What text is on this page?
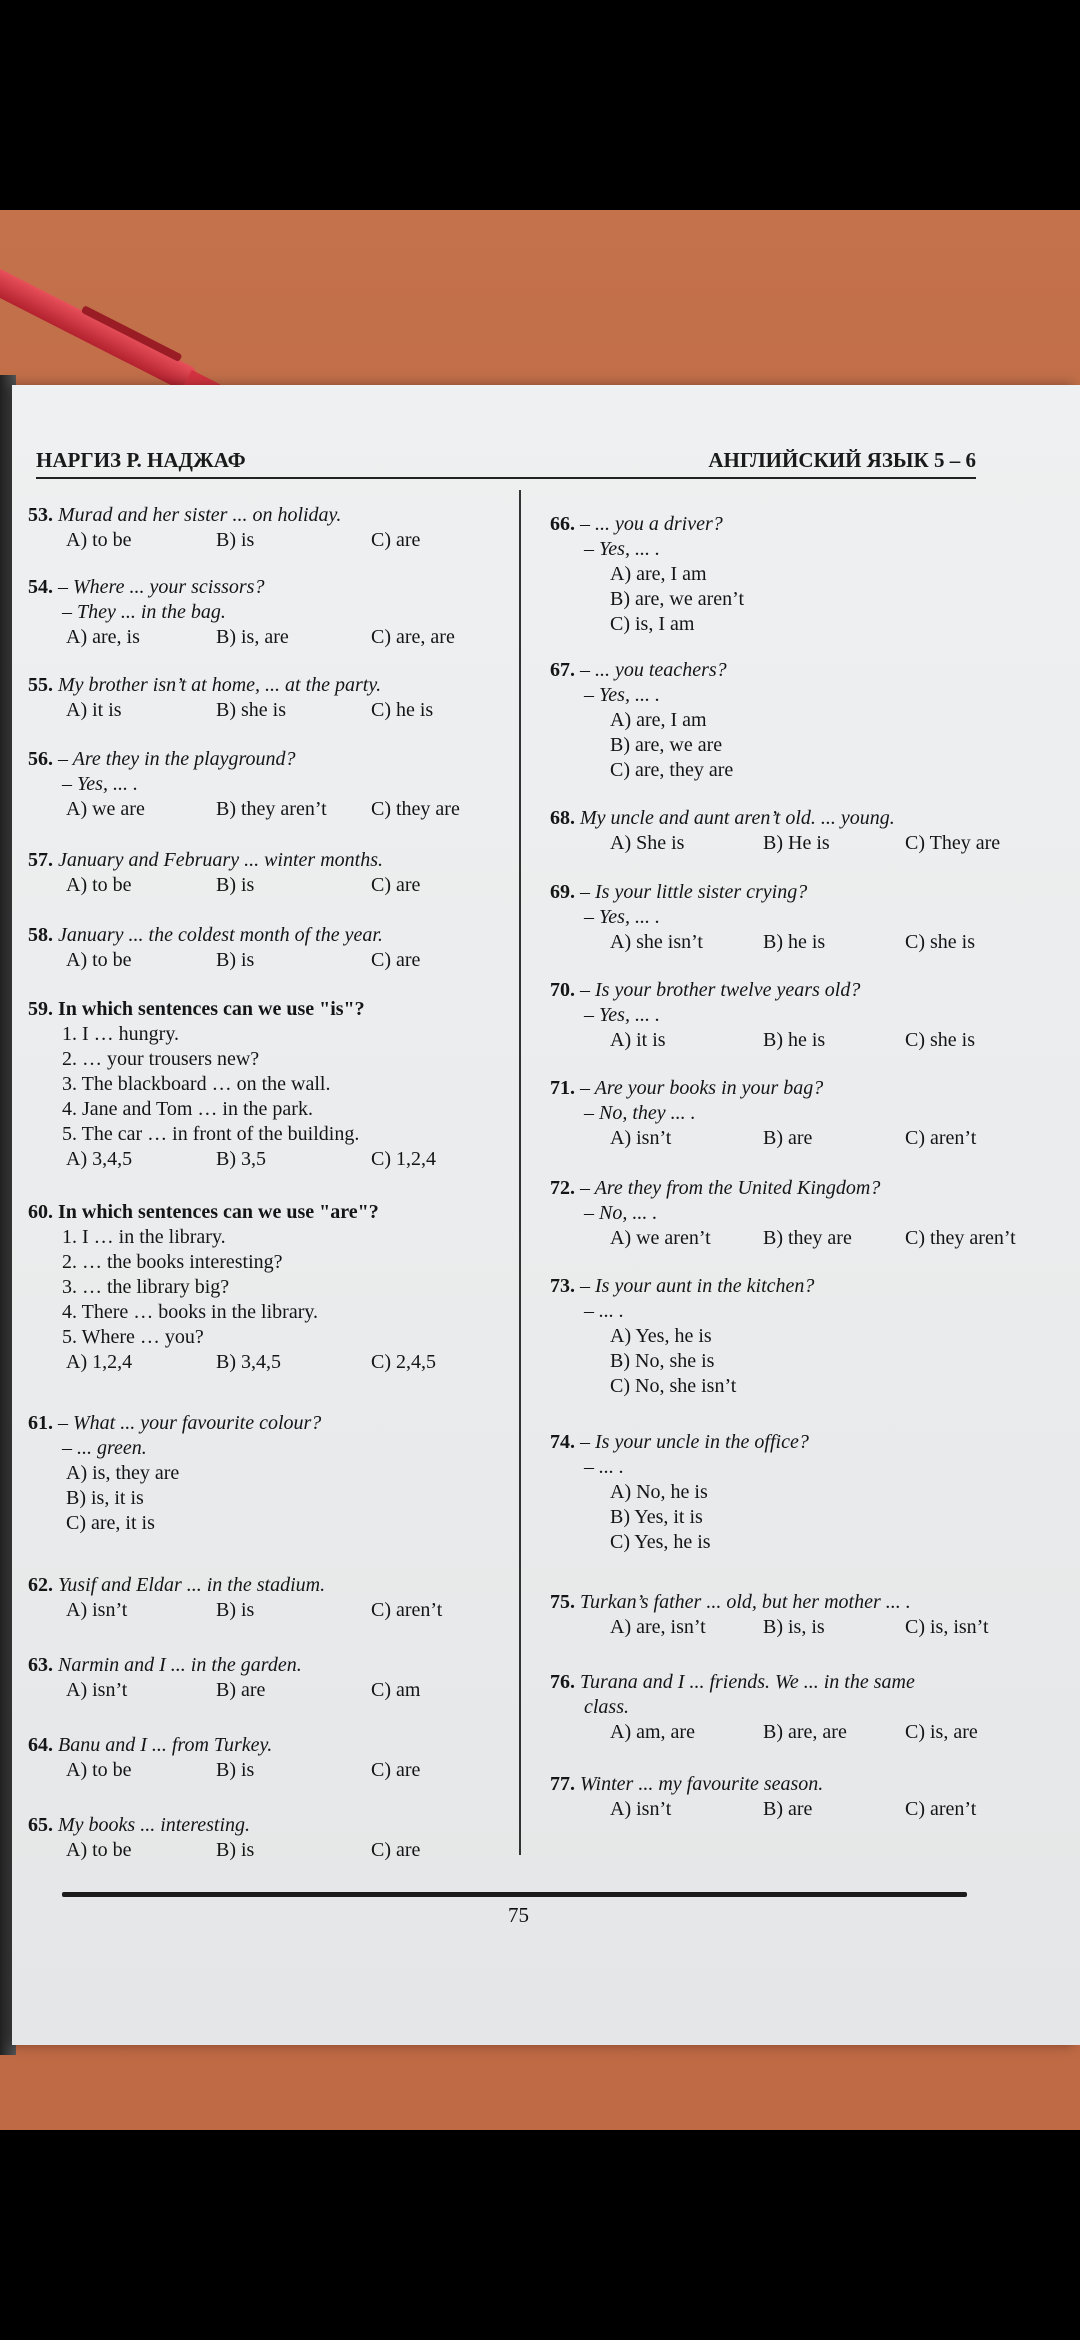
НАРГИЗ Р. НАДЖАФ	АНГЛИЙСКИЙ ЯЗЫК 5 – 6
53. Murad and her sister ... on holiday.
A) to be	B) is	C) are
54. – Where ... your scissors?
– They ... in the bag.
A) are, is	B) is, are	C) are, are
55. My brother isn’t at home, ... at the party.
A) it is	B) she is	C) he is
56. – Are they in the playground?
– Yes, ... .
A) we are	B) they aren’t C) they are
57. January and February ... winter months.
A) to be	B) is	C) are
58. January ... the coldest month of the year.
A) to be	B) is	C) are
59. In which sentences can we use "is"?
1. I … hungry.
2. … your trousers new?
3. The blackboard … on the wall.
4. Jane and Tom … in the park.
5. The car … in front of the building.
A) 3,4,5	B) 3,5	C) 1,2,4
60. In which sentences can we use "are"?
1. I … in the library.
2. … the books interesting?
3. … the library big?
4. There … books in the library.
5. Where … you?
A) 1,2,4	B) 3,4,5	C) 2,4,5
61. – What ... your favourite colour?
– ... green.
A) is, they are
B) is, it is
C) are, it is
62. Yusif and Eldar ... in the stadium.
A) isn’t	B) is	C) aren’t
63. Narmin and I ... in the garden.
A) isn’t	B) are	C) am
64. Banu and I ... from Turkey.
A) to be	B) is	C) are
65. My books ... interesting.
A) to be	B) is	C) are
66. – ... you a driver?
– Yes, ... .
A) are, I am
B) are, we aren’t
C) is, I am
67. – ... you teachers?
– Yes, ... .
A) are, I am
B) are, we are
C) are, they are
68. My uncle and aunt aren’t old. ... young.
A) She is	B) He is	C) They are
69. – Is your little sister crying?
– Yes, ... .
A) she isn’t	B) he is	C) she is
70. – Is your brother twelve years old?
– Yes, ... .
A) it is	B) he is	C) she is
71. – Are your books in your bag?
– No, they ... .
A) isn’t	B) are	C) aren’t
72. – Are they from the United Kingdom?
– No, ... .
A) we aren’t	B) they are	C) they aren’t
73. – Is your aunt in the kitchen?
– ... .
A) Yes, he is
B) No, she is
C) No, she isn’t
74. – Is your uncle in the office?
– ... .
A) No, he is
B) Yes, it is
C) Yes, he is
75. Turkan’s father ... old, but her mother ... .
A) are, isn’t	B) is, is	C) is, isn’t
76. Turana and I ... friends. We ... in the same
class.
A) am, are	B) are, are	C) is, are
77. Winter ... my favourite season.
A) isn’t	B) are	C) aren’t
75
